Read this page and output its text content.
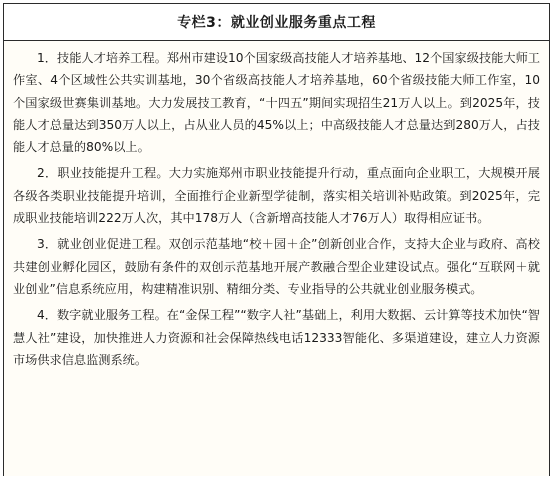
专栏3：就业创业服务重点工程

1．技能人才培养工程。郑州市建设10个国家级高技能人才培养基地、12个国家级技能大师工作室、4个区域性公共实训基地，30个省级高技能人才培养基地，60个省级技能大师工作室，10个国家级世赛集训基地。大力发展技工教育，“十四五”期间实现招生21万人以上。到2025年，技能人才总量达到350万人以上，占从业人员的45%以上；中高级技能人才总量达到280万人，占技能人才总量的80%以上。

2．职业技能提升工程。大力实施郑州市职业技能提升行动，重点面向企业职工，大规模开展各级各类职业技能提升培训，全面推行企业新型学徒制，落实相关培训补贴政策。到2025年，完成职业技能培训222万人次，其中178万人（含新增高技能人才76万人）取得相应证书。

3．就业创业促进工程。双创示范基地“校＋园＋企”创新创业合作，支持大企业与政府、高校共建创业孵化园区，鼓励有条件的双创示范基地开展产教融合型企业建设试点。强化“互联网＋就业创业”信息系统应用，构建精准识别、精细分类、专业指导的公共就业创业服务模式。

4．数字就业服务工程。在“金保工程”“数字人社”基础上，利用大数据、云计算等技术加快“智慧人社”建设，加快推进人力资源和社会保障热线电话12333智能化、多渠道建设，建立人力资源市场供求信息监测系统。
